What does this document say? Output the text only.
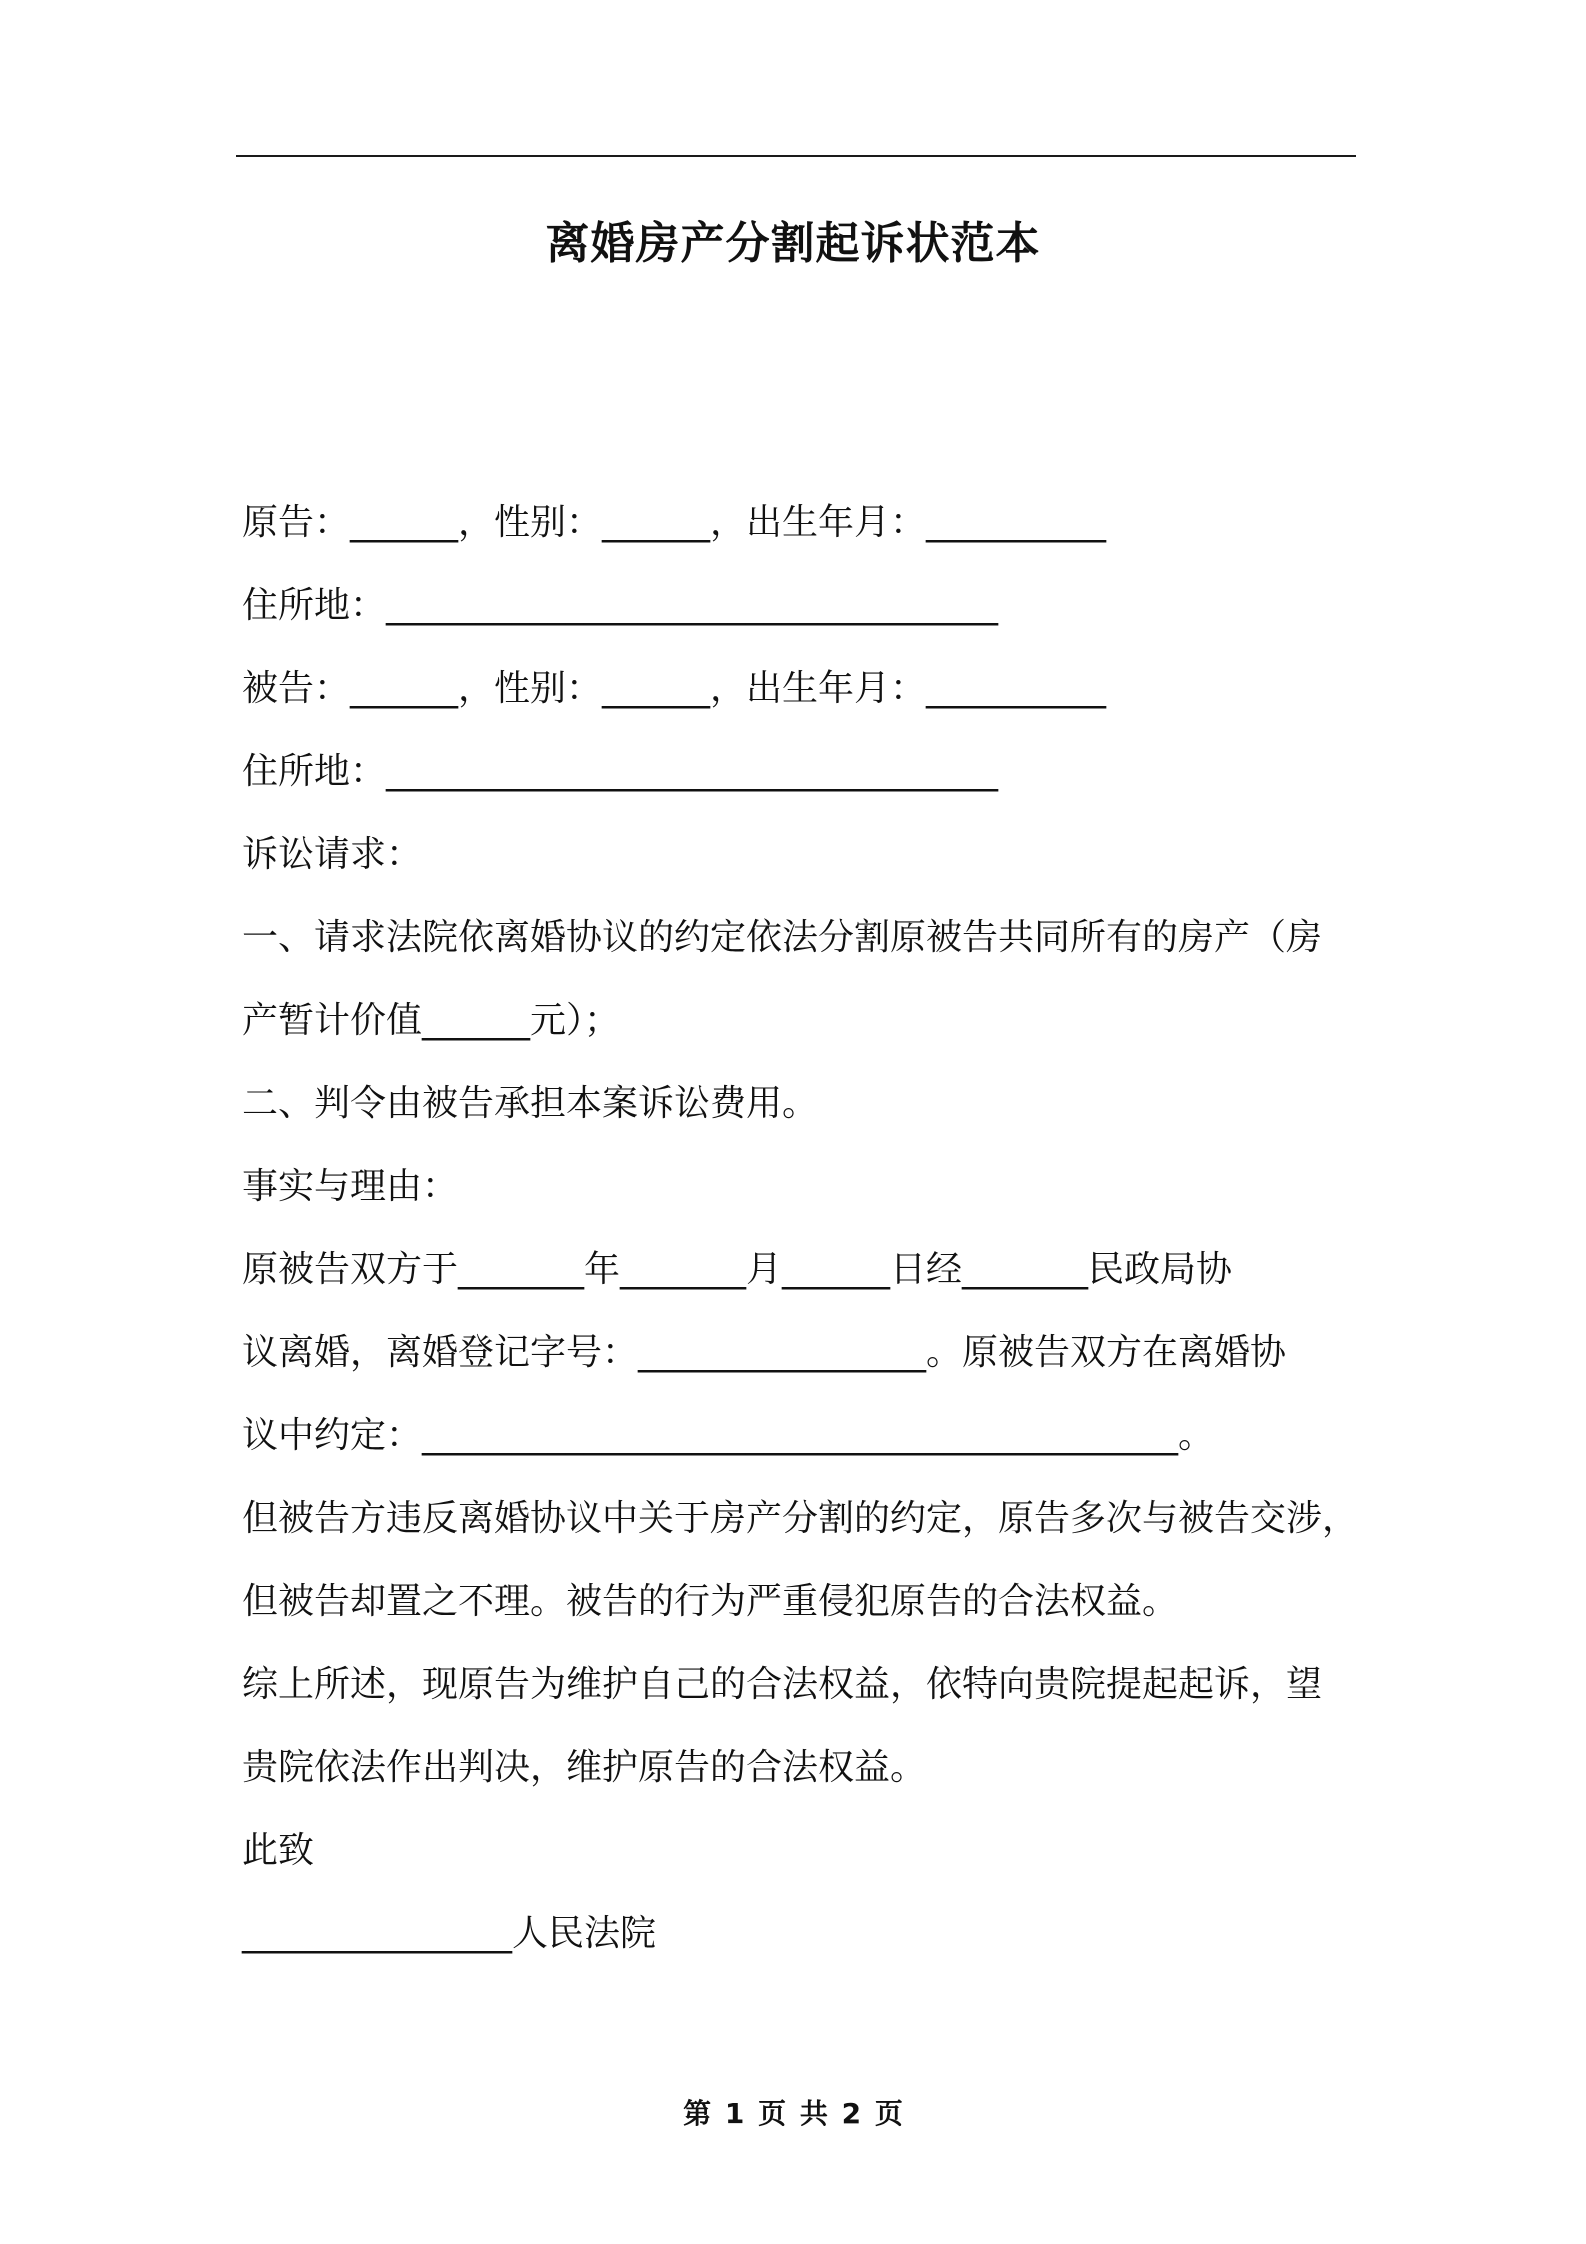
离婚房产分割起诉状范本
原告：______，性别：______，出生年月：__________
住所地：__________________________________
被告：______，性别：______，出生年月：__________
住所地：__________________________________
诉讼请求：
一、请求法院依离婚协议的约定依法分割原被告共同所有的房产（房
产暂计价值______元）；
二、判令由被告承担本案诉讼费用。
事实与理由：
原被告双方于_______年_______月______日经_______民政局协
议离婚，离婚登记字号：________________。原被告双方在离婚协
议中约定：__________________________________________。
但被告方违反离婚协议中关于房产分割的约定，原告多次与被告交涉，
但被告却置之不理。被告的行为严重侵犯原告的合法权益。
综上所述，现原告为维护自己的合法权益，依特向贵院提起起诉，望
贵院依法作出判决，维护原告的合法权益。
此致
_______________人民法院
第 1 页 共 2 页
